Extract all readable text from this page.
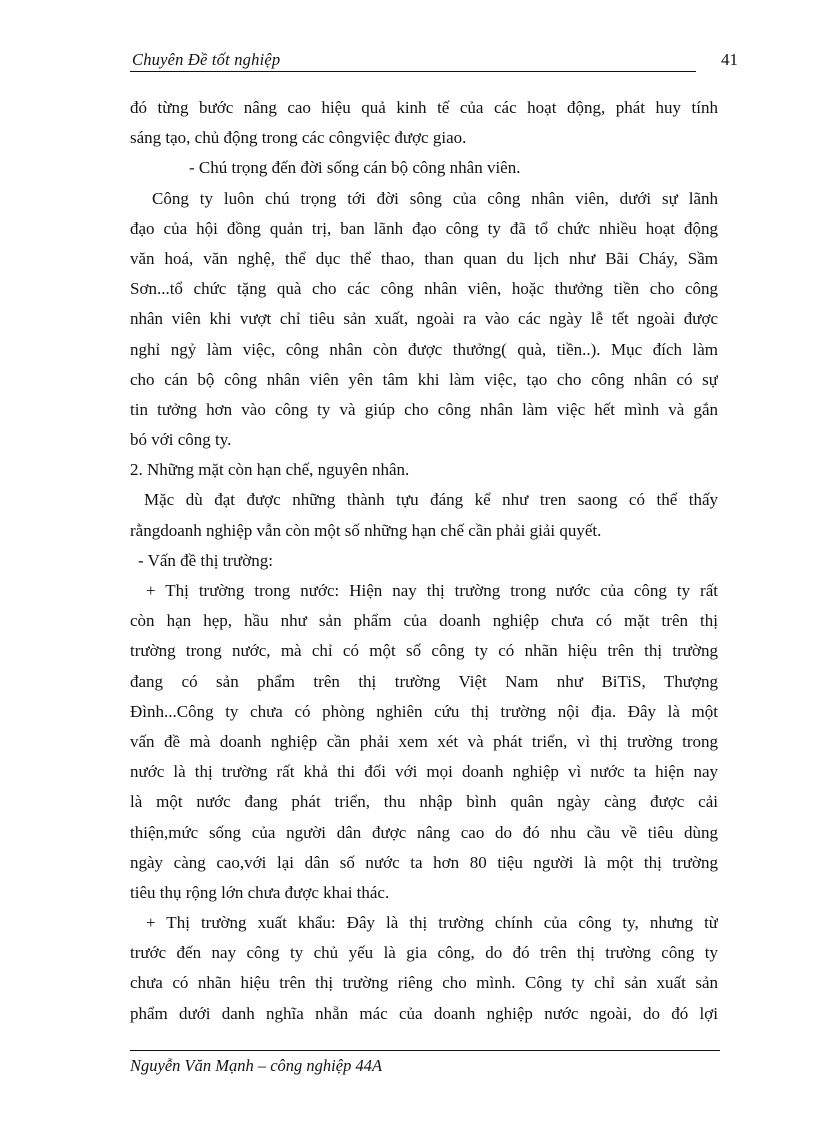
Chuyên Đề tốt nghiệp	41
đó từng bước nâng cao hiệu quả kinh tế của các hoạt động, phát huy tính
sáng tạo, chủ động trong các côngviệc được giao.
- Chú trọng đến đời sống cán bộ công nhân viên.
Công ty luôn chú trọng tới đời sông của công nhân viên, dưới sự lãnh
đạo của hội đồng quản trị, ban lãnh đạo công ty đã tổ chức nhiều hoạt động
văn hoá, văn nghệ, thể dục thể thao, than quan du lịch như Bãi Cháy, Sầm
Sơn...tổ chức tặng quà cho các công nhân viên, hoặc thưởng tiền cho công
nhân viên khi vượt chỉ tiêu sản xuất, ngoài ra vào các ngày lễ tết ngoài được
nghỉ ngỷ làm việc, công nhân còn được thưởng( quà, tiền..). Mục đích làm
cho cán bộ công nhân viên yên tâm khi làm việc, tạo cho công nhân có sự
tin tưởng hơn vào công ty và giúp cho công nhân làm việc hết mình và gắn
bó với công ty.
2. Những mặt còn hạn chế, nguyên nhân.
Mặc dù đạt được những thành tựu đáng kể như tren saong có thể thấy
rằngdoanh nghiệp vẫn còn một số những hạn chế cần phải giải quyết.
- Vấn đề thị trường:
+ Thị trường trong nước: Hiện nay thị trường trong nước của công ty rất
còn hạn hẹp, hầu như sản phẩm của doanh nghiệp chưa có mặt trên thị
trường trong nước, mà chỉ có một số công ty có nhãn hiệu trên thị trường
đang có sản phẩm trên thị trường Việt Nam như BiTiS, Thượng
Đình...Công ty chưa có phòng nghiên cứu thị trường nội địa. Đây là một
vấn đề mà doanh nghiệp cần phải xem xét và phát triển, vì thị trường trong
nước là thị trường rất khả thi đối với mọi doanh nghiệp vì nước ta hiện nay
là một nước đang phát triển, thu nhập bình quân ngày càng được cải
thiện,mức sống của người dân được nâng cao do đó nhu cầu về tiêu dùng
ngày càng cao,với lại dân số nước ta hơn 80 tiệu người là một thị trường
tiêu thụ rộng lớn chưa được khai thác.
+ Thị trường xuất khẩu: Đây là thị trường chính của công ty, nhưng từ
trước đến nay công ty chủ yếu là gia công, do đó trên thị trường công ty
chưa có nhãn hiệu trên thị trường riêng cho mình. Công ty chỉ sản xuất sản
phẩm dưới danh nghĩa nhẵn mác của doanh nghiệp nước ngoài, do đó lợi
Nguyễn Văn Mạnh – công nghiệp 44A
